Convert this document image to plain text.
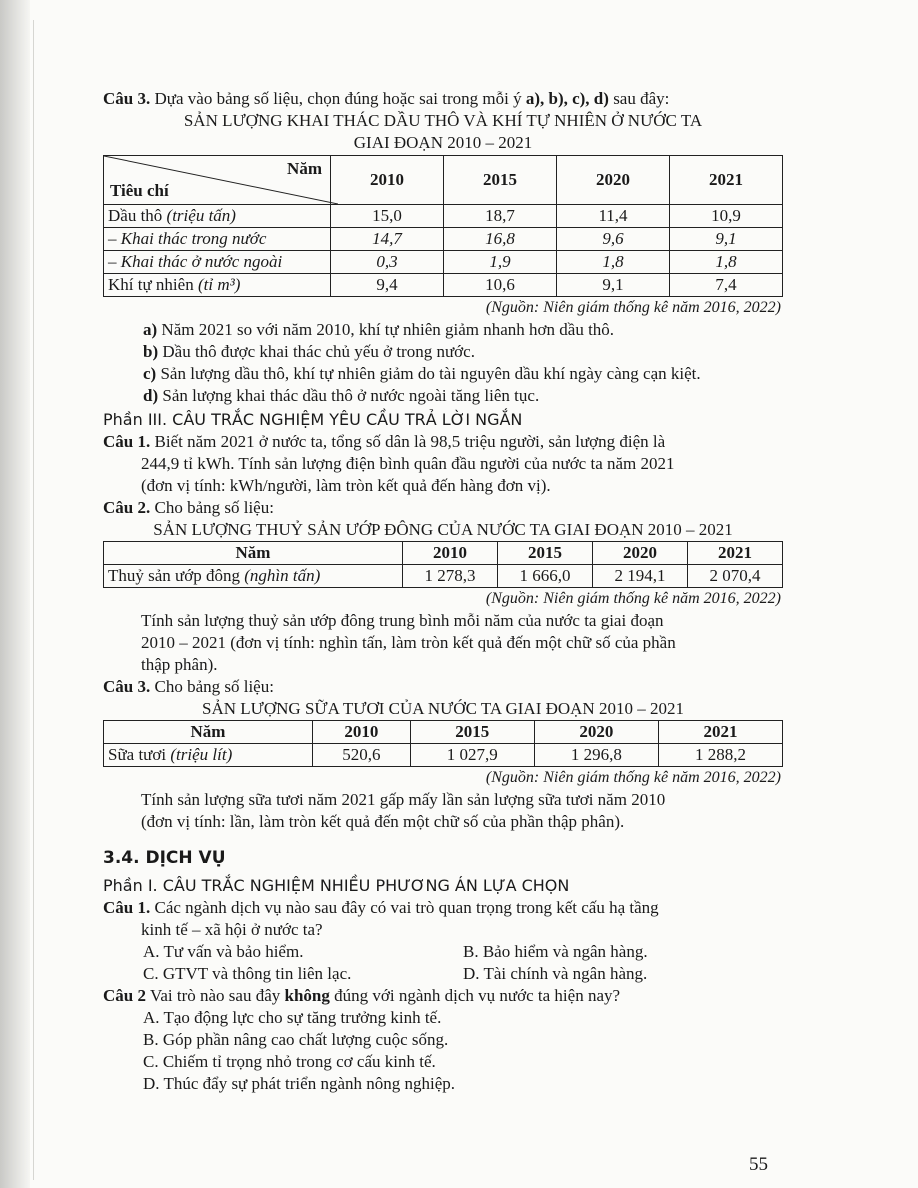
Câu 3. Dựa vào bảng số liệu, chọn đúng hoặc sai trong mỗi ý a), b), c), d) sau đây:

SẢN LƯỢNG KHAI THÁC DẦU THÔ VÀ KHÍ TỰ NHIÊN Ở NƯỚC TA

GIAI ĐOẠN 2010 – 2021

Năm
Tiêu chí	2010	2015	2020	2021
Dầu thô (triệu tấn)	15,0	18,7	11,4	10,9
– Khai thác trong nước	14,7	16,8	9,6	9,1
– Khai thác ở nước ngoài	0,3	1,9	1,8	1,8
Khí tự nhiên (tỉ m³)	9,4	10,6	9,1	7,4

(Nguồn: Niên giám thống kê năm 2016, 2022)

a) Năm 2021 so với năm 2010, khí tự nhiên giảm nhanh hơn dầu thô.

b) Dầu thô được khai thác chủ yếu ở trong nước.

c) Sản lượng dầu thô, khí tự nhiên giảm do tài nguyên dầu khí ngày càng cạn kiệt.

d) Sản lượng khai thác dầu thô ở nước ngoài tăng liên tục.

Phần III. CÂU TRẮC NGHIỆM YÊU CẦU TRẢ LỜI NGẮN

Câu 1. Biết năm 2021 ở nước ta, tổng số dân là 98,5 triệu người, sản lượng điện là

244,9 tỉ kWh. Tính sản lượng điện bình quân đầu người của nước ta năm 2021

(đơn vị tính: kWh/người, làm tròn kết quả đến hàng đơn vị).

Câu 2. Cho bảng số liệu:

SẢN LƯỢNG THUỶ SẢN ƯỚP ĐÔNG CỦA NƯỚC TA GIAI ĐOẠN 2010 – 2021

Năm	2010	2015	2020	2021
Thuỷ sản ướp đông (nghìn tấn)	1 278,3	1 666,0	2 194,1	2 070,4

(Nguồn: Niên giám thống kê năm 2016, 2022)

Tính sản lượng thuỷ sản ướp đông trung bình mỗi năm của nước ta giai đoạn

2010 – 2021 (đơn vị tính: nghìn tấn, làm tròn kết quả đến một chữ số của phần

thập phân).

Câu 3. Cho bảng số liệu:

SẢN LƯỢNG SỮA TƯƠI CỦA NƯỚC TA GIAI ĐOẠN 2010 – 2021

Năm	2010	2015	2020	2021
Sữa tươi (triệu lít)	520,6	1 027,9	1 296,8	1 288,2

(Nguồn: Niên giám thống kê năm 2016, 2022)

Tính sản lượng sữa tươi năm 2021 gấp mấy lần sản lượng sữa tươi năm 2010

(đơn vị tính: lần, làm tròn kết quả đến một chữ số của phần thập phân).

3.4. DỊCH VỤ

Phần I. CÂU TRẮC NGHIỆM NHIỀU PHƯƠNG ÁN LỰA CHỌN

Câu 1. Các ngành dịch vụ nào sau đây có vai trò quan trọng trong kết cấu hạ tầng

kinh tế – xã hội ở nước ta?

A. Tư vấn và bảo hiểm.	B. Bảo hiểm và ngân hàng.
C. GTVT và thông tin liên lạc.	D. Tài chính và ngân hàng.

Câu 2 Vai trò nào sau đây không đúng với ngành dịch vụ nước ta hiện nay?

A. Tạo động lực cho sự tăng trưởng kinh tế.

B. Góp phần nâng cao chất lượng cuộc sống.

C. Chiếm tỉ trọng nhỏ trong cơ cấu kinh tế.

D. Thúc đẩy sự phát triển ngành nông nghiệp.

55
